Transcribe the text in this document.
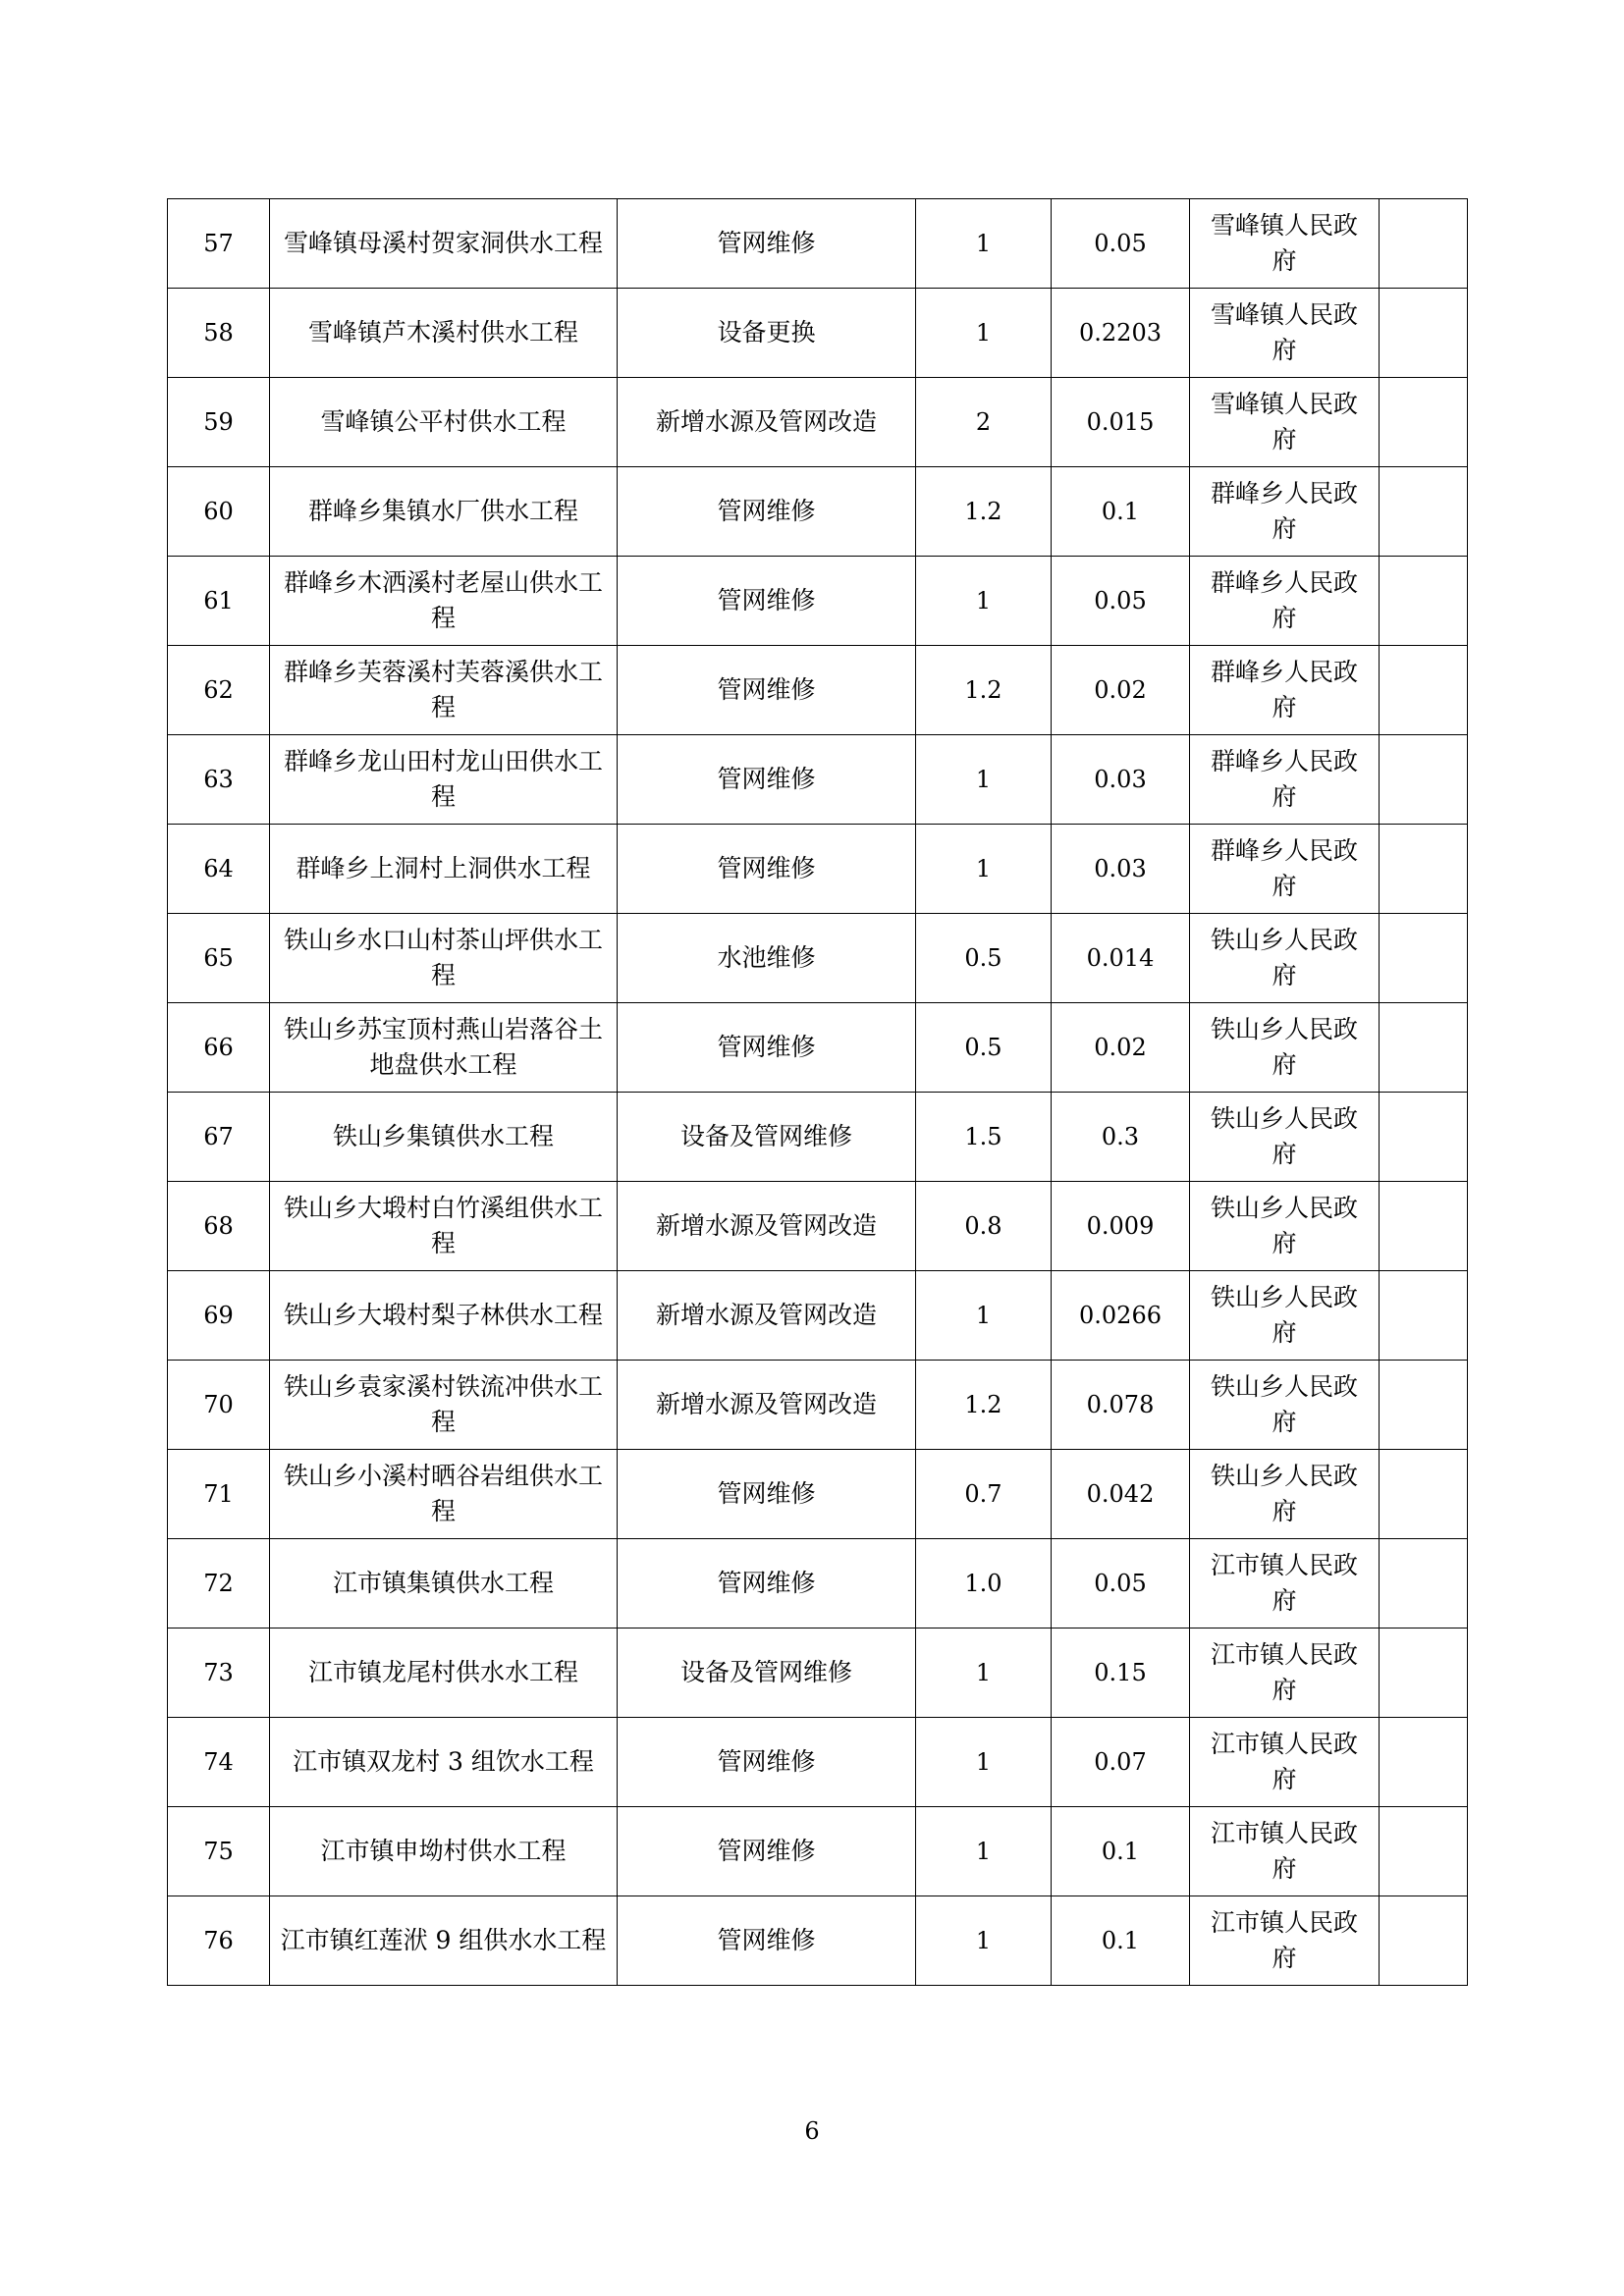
57	雪峰镇母溪村贺家洞供水工程	管网维修	1	0.05	雪峰镇人民政府	
58	雪峰镇芦木溪村供水工程	设备更换	1	0.2203	雪峰镇人民政府	
59	雪峰镇公平村供水工程	新增水源及管网改造	2	0.015	雪峰镇人民政府	
60	群峰乡集镇水厂供水工程	管网维修	1.2	0.1	群峰乡人民政府	
61	群峰乡木洒溪村老屋山供水工程	管网维修	1	0.05	群峰乡人民政府	
62	群峰乡芙蓉溪村芙蓉溪供水工程	管网维修	1.2	0.02	群峰乡人民政府	
63	群峰乡龙山田村龙山田供水工程	管网维修	1	0.03	群峰乡人民政府	
64	群峰乡上洞村上洞供水工程	管网维修	1	0.03	群峰乡人民政府	
65	铁山乡水口山村茶山坪供水工程	水池维修	0.5	0.014	铁山乡人民政府	
66	铁山乡苏宝顶村燕山岩落谷土地盘供水工程	管网维修	0.5	0.02	铁山乡人民政府	
67	铁山乡集镇供水工程	设备及管网维修	1.5	0.3	铁山乡人民政府	
68	铁山乡大塅村白竹溪组供水工程	新增水源及管网改造	0.8	0.009	铁山乡人民政府	
69	铁山乡大塅村梨子林供水工程	新增水源及管网改造	1	0.0266	铁山乡人民政府	
70	铁山乡袁家溪村铁流冲供水工程	新增水源及管网改造	1.2	0.078	铁山乡人民政府	
71	铁山乡小溪村晒谷岩组供水工程	管网维修	0.7	0.042	铁山乡人民政府	
72	江市镇集镇供水工程	管网维修	1.0	0.05	江市镇人民政府	
73	江市镇龙尾村供水水工程	设备及管网维修	1	0.15	江市镇人民政府	
74	江市镇双龙村 3 组饮水工程	管网维修	1	0.07	江市镇人民政府	
75	江市镇申坳村供水工程	管网维修	1	0.1	江市镇人民政府	
76	江市镇红莲洑 9 组供水水工程	管网维修	1	0.1	江市镇人民政府	
6
